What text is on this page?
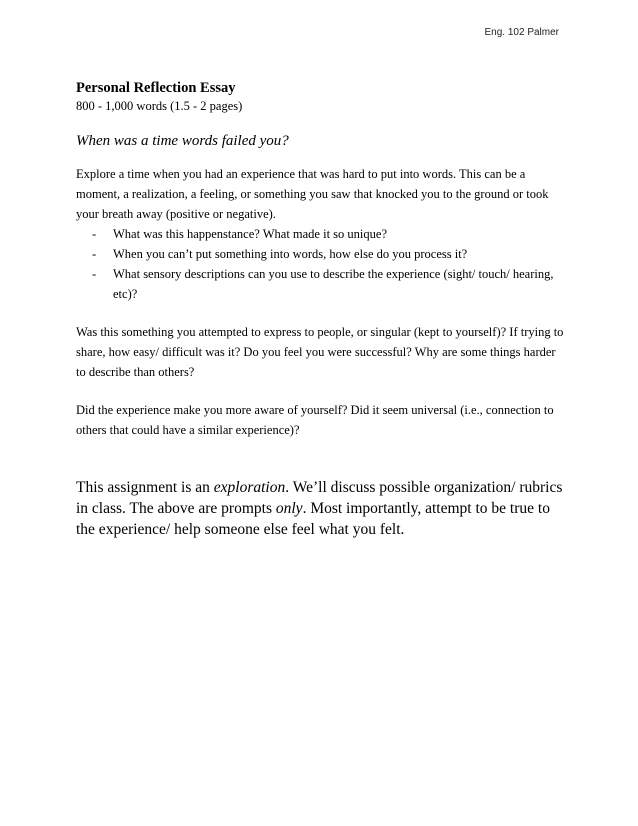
Eng. 102 Palmer
Personal Reflection Essay

800 - 1,000 words (1.5 - 2 pages)

When was a time words failed you?

Explore a time when you had an experience that was hard to put into words. This can be a moment, a realization, a feeling, or something you saw that knocked you to the ground or took your breath away (positive or negative).

- What was this happenstance? What made it so unique?
- When you can’t put something into words, how else do you process it?
- What sensory descriptions can you use to describe the experience (sight/ touch/ hearing, etc)?

Was this something you attempted to express to people, or singular (kept to yourself)? If trying to share, how easy/ difficult was it? Do you feel you were successful? Why are some things harder to describe than others?

Did the experience make you more aware of yourself? Did it seem universal (i.e., connection to others that could have a similar experience)?

This assignment is an exploration. We’ll discuss possible organization/ rubrics in class. The above are prompts only. Most importantly, attempt to be true to the experience/ help someone else feel what you felt.
